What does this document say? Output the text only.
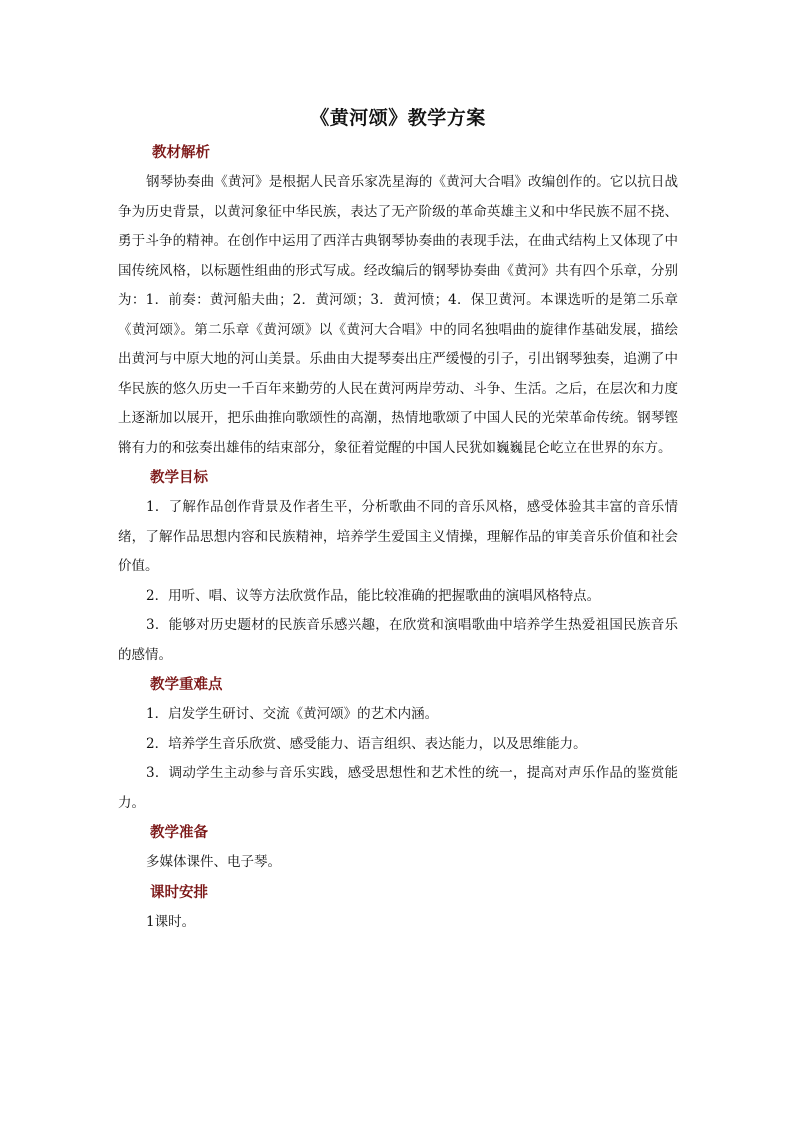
《黄河颂》教学方案
教材解析

钢琴协奏曲《黄河》是根据人民音乐家冼星海的《黄河大合唱》改编创作的。它以抗日战争为历史背景，以黄河象征中华民族，表达了无产阶级的革命英雄主义和中华民族不屈不挠、勇于斗争的精神。在创作中运用了西洋古典钢琴协奏曲的表现手法，在曲式结构上又体现了中国传统风格，以标题性组曲的形式写成。经改编后的钢琴协奏曲《黄河》共有四个乐章，分别为：1．前奏：黄河船夫曲；2．黄河颂；3．黄河愤；4．保卫黄河。本课选听的是第二乐章《黄河颂》。第二乐章《黄河颂》以《黄河大合唱》中的同名独唱曲的旋律作基础发展，描绘出黄河与中原大地的河山美景。乐曲由大提琴奏出庄严缓慢的引子，引出钢琴独奏，追溯了中华民族的悠久历史一千百年来勤劳的人民在黄河两岸劳动、斗争、生活。之后，在层次和力度上逐渐加以展开，把乐曲推向歌颂性的高潮，热情地歌颂了中国人民的光荣革命传统。钢琴铿锵有力的和弦奏出雄伟的结束部分，象征着觉醒的中国人民犹如巍巍昆仑屹立在世界的东方。

教学目标

1．了解作品创作背景及作者生平，分析歌曲不同的音乐风格，感受体验其丰富的音乐情绪，了解作品思想内容和民族精神，培养学生爱国主义情操，理解作品的审美音乐价值和社会价值。

2．用听、唱、议等方法欣赏作品，能比较准确的把握歌曲的演唱风格特点。

3．能够对历史题材的民族音乐感兴趣，在欣赏和演唱歌曲中培养学生热爱祖国民族音乐的感情。

教学重难点

1．启发学生研讨、交流《黄河颂》的艺术内涵。

2．培养学生音乐欣赏、感受能力、语言组织、表达能力，以及思维能力。

3．调动学生主动参与音乐实践，感受思想性和艺术性的统一，提高对声乐作品的鉴赏能力。

教学准备

多媒体课件、电子琴。

课时安排

1课时。
